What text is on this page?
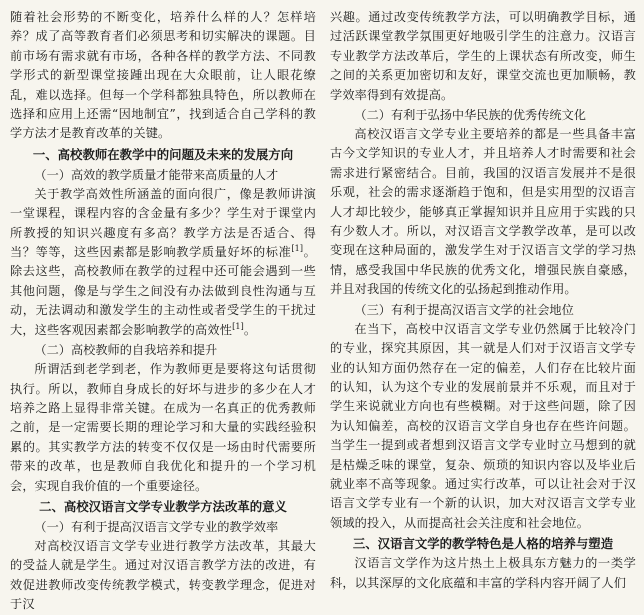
随着社会形势的不断变化，培养什么样的人？怎样培养？成了高等教育者们必须思考和切实解决的课题。目前市场有需求就有市场，各种各样的教学方法、不同教学形式的新型课堂接踵出现在大众眼前，让人眼花缭乱，难以选择。但每一个学科都独具特色，所以教师在选择和应用上还需“因地制宜”，找到适合自己学科的教学方法才是教育改革的关键。

一、高校教师在教学中的问题及未来的发展方向
（一）高效的教学质量才能带来高质量的人才

关于教学高效性所涵盖的面向很广，像是教师讲演一堂课程，课程内容的含金量有多少？学生对于课堂内所教授的知识兴趣度有多高？教学方法是否适合、得当？等等，这些因素都是影响教学质量好坏的标准[1]。除去这些，高校教师在教学的过程中还可能会遇到一些其他问题，像是与学生之间没有办法做到良性沟通与互动，无法调动和激发学生的主动性或者受学生的干扰过大，这些客观因素都会影响教学的高效性[1]。

（二）高校教师的自我培养和提升

所谓活到老学到老，作为教师更是要将这句话贯彻执行。所以，教师自身成长的好坏与进步的多少在人才培养之路上显得非常关键。在成为一名真正的优秀教师之前，是一定需要长期的理论学习和大量的实践经验积累的。其实教学方法的转变不仅仅是一场由时代需要所带来的改革，也是教师自我优化和提升的一个学习机会，实现自我价值的一个重要途径。

二、高校汉语言文学专业教学方法改革的意义
（一）有利于提高汉语言文学专业的教学效率

对高校汉语言文学专业进行教学方法改革，其最大的受益人就是学生。通过对汉语言教学方法的改进，有效促进教师改变传统教学模式，转变教学理念，促进对于汉

兴趣。通过改变传统教学方法，可以明确教学目标，通过活跃课堂教学氛围更好地吸引学生的注意力。汉语言专业教学方法改革后，学生的上课状态有所改变，师生之间的关系更加密切和友好，课堂交流也更加顺畅，教学效率得到有效提高。

（二）有利于弘扬中华民族的优秀传统文化

高校汉语言文学专业主要培养的都是一些具备丰富古今文学知识的专业人才，并且培养人才时需要和社会需求进行紧密结合。目前，我国的汉语言发展并不是很乐观，社会的需求逐渐趋于饱和，但是实用型的汉语言人才却比较少，能够真正掌握知识并且应用于实践的只有少数人才。所以，对汉语言文学教学改革，是可以改变现在这种局面的，激发学生对于汉语言文学的学习热情，感受我国中华民族的优秀文化，增强民族自豪感，并且对我国的传统文化的弘扬起到推动作用。

（三）有利于提高汉语言文学的社会地位

在当下，高校中汉语言文学专业仍然属于比较冷门的专业，探究其原因，其一就是人们对于汉语言文学专业的认知方面仍然存在一定的偏差，人们存在比较片面的认知，认为这个专业的发展前景并不乐观，而且对于学生来说就业方向也有些模糊。对于这些问题，除了因为认知偏差，高校的汉语言文学自身也存在些许问题。当学生一提到或者想到汉语言文学专业时立马想到的就是枯燥乏味的课堂，复杂、烦琐的知识内容以及毕业后就业率不高等现象。通过实行改革，可以让社会对于汉语言文学专业有一个新的认识，加大对汉语言文学专业领域的投入，从而提高社会关注度和社会地位。

三、汉语言文学的教学特色是人格的培养与塑造

汉语言文学作为这片热土上极具东方魅力的一类学科，以其深厚的文化底蕴和丰富的学科内容开阔了人们
